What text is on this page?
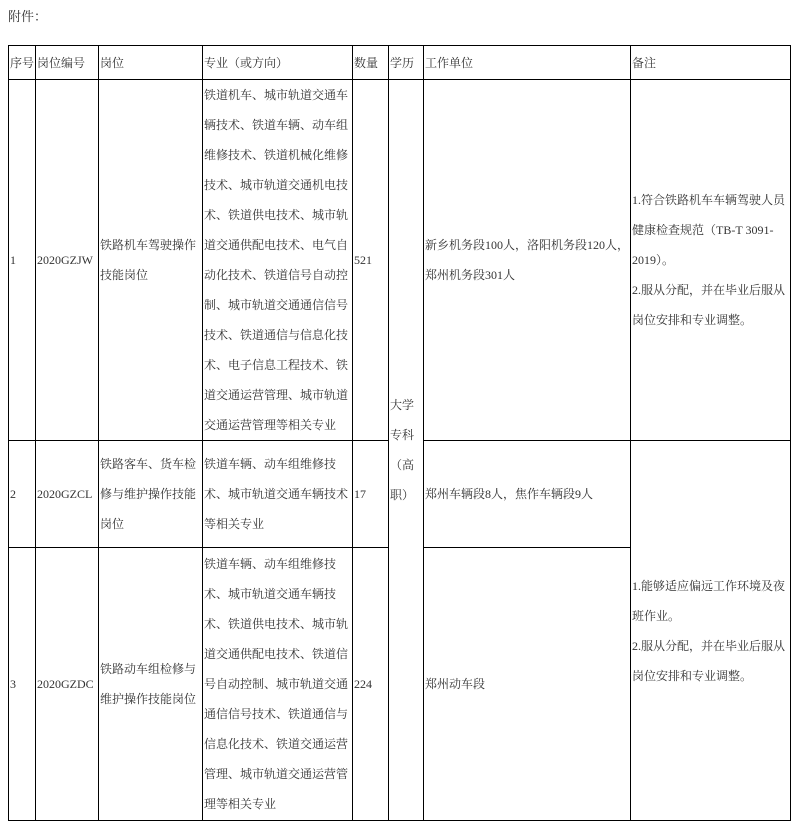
附件：
序号	岗位编号	岗位	专业（或方向）	数量	学历	工作单位	备注
1	2020GZJW	铁路机车驾驶操作技能岗位	铁道机车、城市轨道交通车辆技术、铁道车辆、动车组维修技术、铁道机械化维修技术、城市轨道交通机电技术、铁道供电技术、城市轨道交通供配电技术、电气自动化技术、铁道信号自动控制、城市轨道交通通信信号技术、铁道通信与信息化技术、电子信息工程技术、铁道交通运营管理、城市轨道交通运营管理等相关专业	521	大学专科（高职）	新乡机务段100人，洛阳机务段120人，郑州机务段301人	1.符合铁路机车车辆驾驶人员健康检查规范（TB-T 3091-2019）。
2.服从分配，并在毕业后服从岗位安排和专业调整。

2	2020GZCL	铁路客车、货车检修与维护操作技能岗位	铁道车辆、动车组维修技术、城市轨道交通车辆技术等相关专业	17		郑州车辆段8人，焦作车辆段9人	1.能够适应偏远工作环境及夜班作业。
2.服从分配，并在毕业后服从岗位安排和专业调整。

3	2020GZDC	铁路动车组检修与维护操作技能岗位	铁道车辆、动车组维修技术、城市轨道交通车辆技术、铁道供电技术、城市轨道交通供配电技术、铁道信号自动控制、城市轨道交通通信信号技术、铁道通信与信息化技术、铁道交通运营管理、城市轨道交通运营管理等相关专业	224		郑州动车段	
